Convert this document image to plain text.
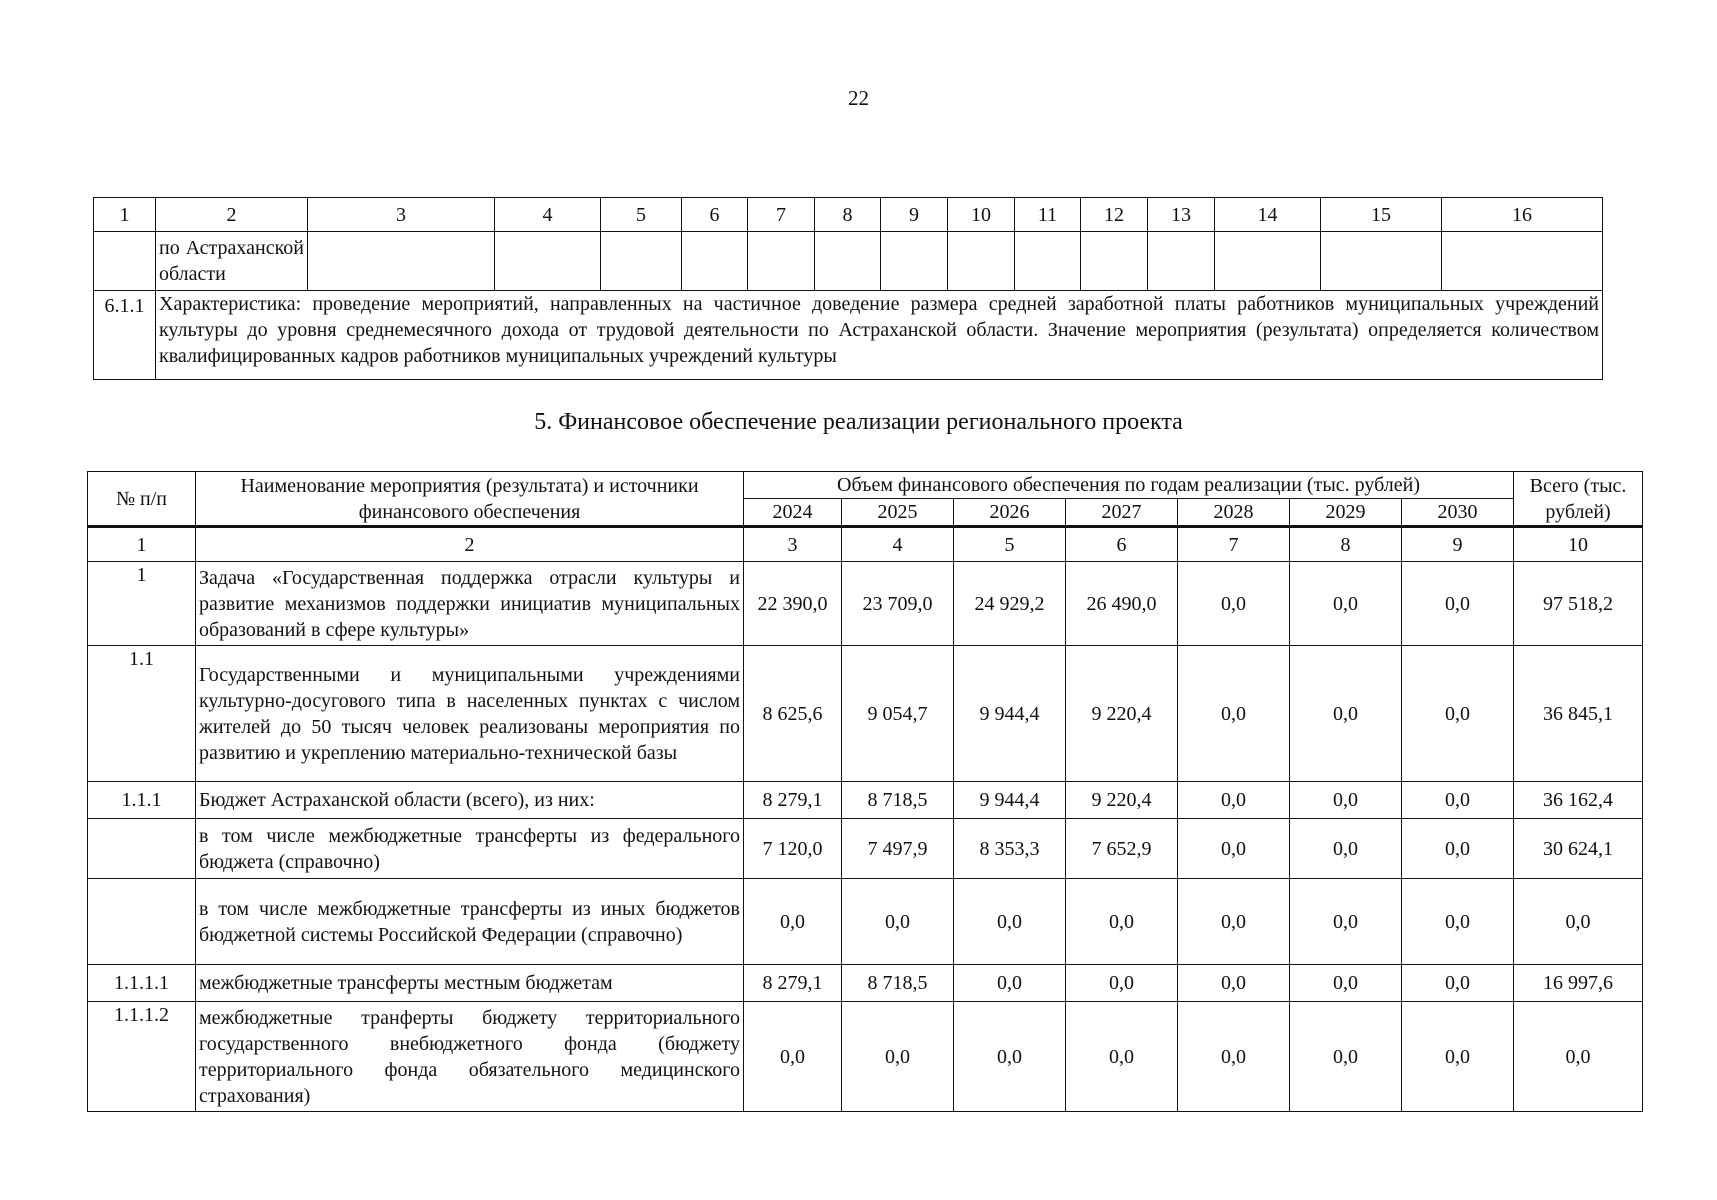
22
1	2	3	4	5	6	7	8	9	10	11	12	13	14	15	16
	по Астраханской области														
6.1.1	Характеристика: проведение мероприятий, направленных на частичное доведение размера средней заработной платы работников муниципальных учреждений культуры до уровня среднемесячного дохода от трудовой деятельности по Астраханской области. Значение мероприятия (результата) определяется количеством квалифицированных кадров работников муниципальных учреждений культуры														
5. Финансовое обеспечение реализации регионального проекта
№ п/п	Наименование мероприятия (результата) и источники финансового обеспечения	Объем финансового обеспечения по годам реализации (тыс. рублей)							Всего (тыс. рублей)
		2024	2025	2026	2027	2028	2029	2030	
1	2	3	4	5	6	7	8	9	10
1	Задача «Государственная поддержка отрасли культуры и развитие механизмов поддержки инициатив муниципальных образований в сфере культуры»	22 390,0	23 709,0	24 929,2	26 490,0	0,0	0,0	0,0	97 518,2
1.1	Государственными и муниципальными учреждениями культурно-досугового типа в населенных пунктах с числом жителей до 50 тысяч человек реализованы мероприятия по развитию и укреплению материально-технической базы	8 625,6	9 054,7	9 944,4	9 220,4	0,0	0,0	0,0	36 845,1
1.1.1	Бюджет Астраханской области (всего), из них:	8 279,1	8 718,5	9 944,4	9 220,4	0,0	0,0	0,0	36 162,4
	в том числе межбюджетные трансферты из федерального бюджета (справочно)	7 120,0	7 497,9	8 353,3	7 652,9	0,0	0,0	0,0	30 624,1
	в том числе межбюджетные трансферты из иных бюджетов бюджетной системы Российской Федерации (справочно)	0,0	0,0	0,0	0,0	0,0	0,0	0,0	0,0
1.1.1.1	межбюджетные трансферты местным бюджетам	8 279,1	8 718,5	0,0	0,0	0,0	0,0	0,0	16 997,6
1.1.1.2	межбюджетные транферты бюджету территориального государственного внебюджетного фонда (бюджету территориального фонда обязательного медицинского страхования)	0,0	0,0	0,0	0,0	0,0	0,0	0,0	0,0
